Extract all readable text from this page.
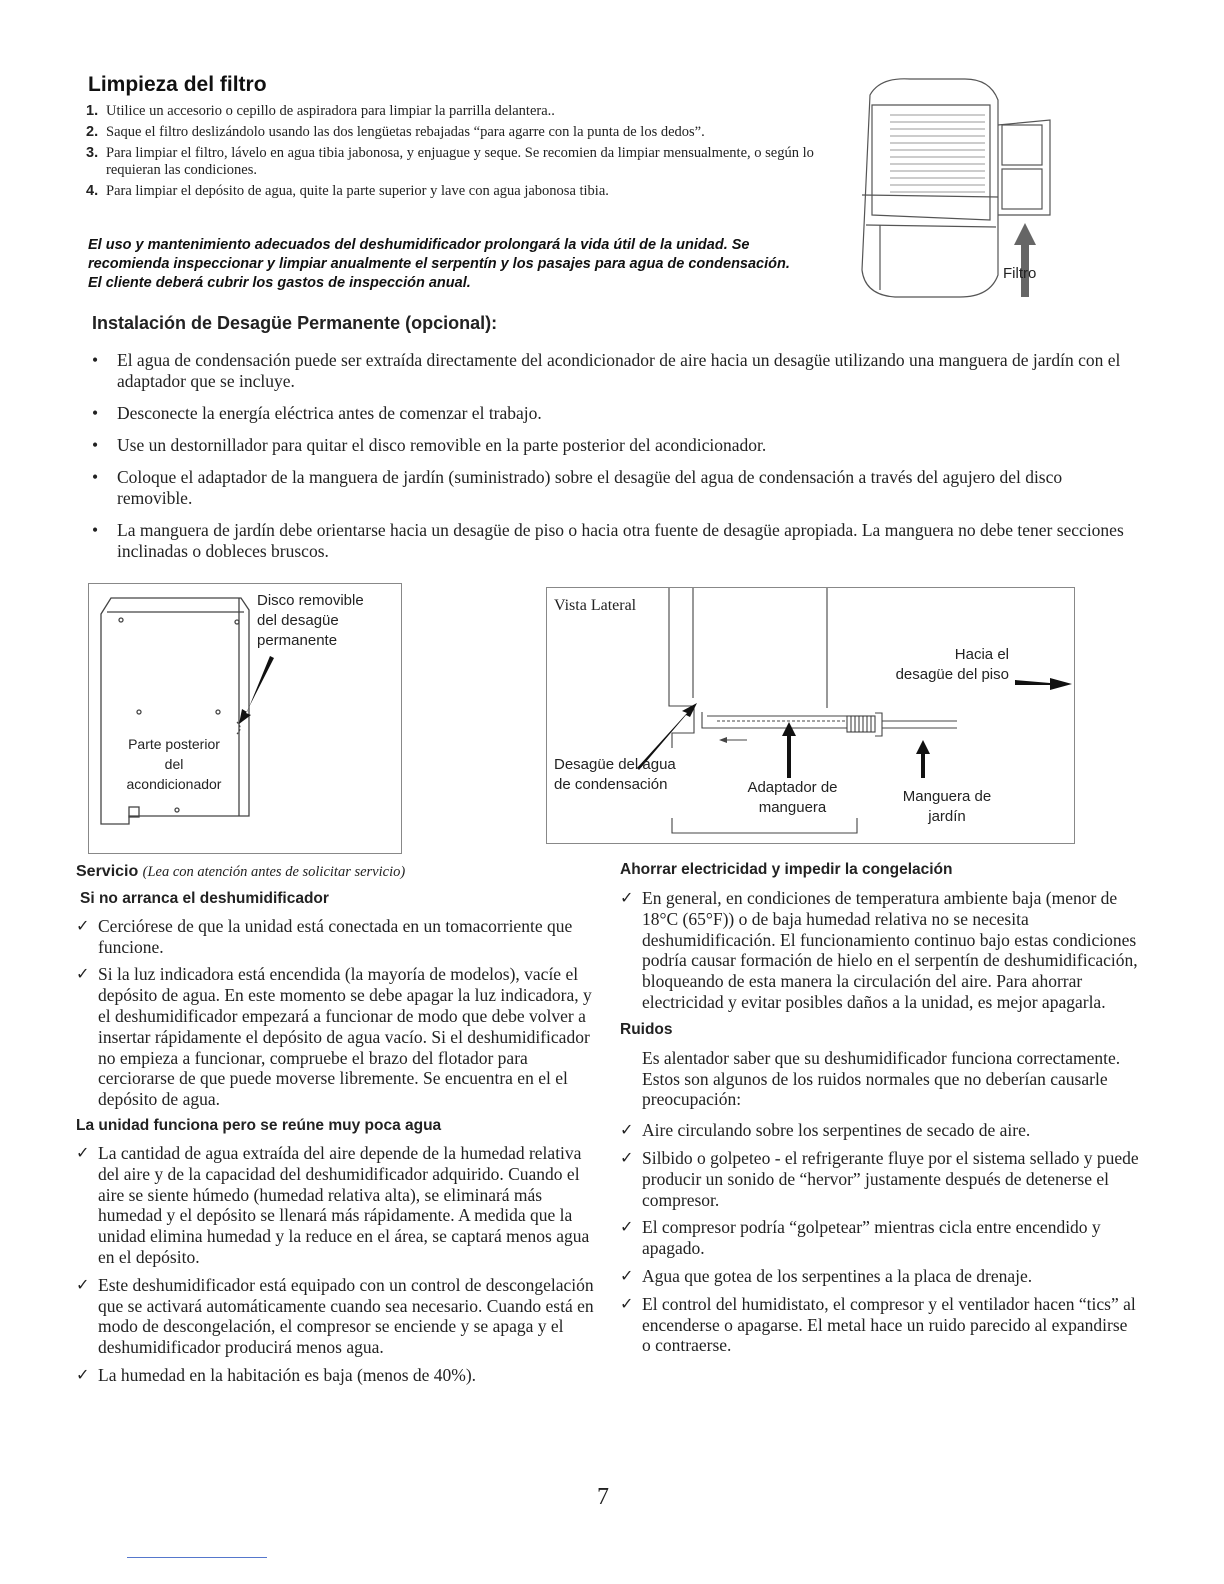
Limpieza del filtro
1. Utilice un accesorio o cepillo de aspiradora para limpiar la parrilla delantera..
2. Saque el filtro deslizándolo usando las dos lengüetas rebajadas “para agarre con la punta de los dedos”.
3. Para limpiar el filtro, lávelo en agua tibia jabonosa, y enjuague y seque. Se recomien da limpiar mensualmente, o según lo requieran las condiciones.
4. Para limpiar el depósito de agua, quite la parte superior y lave con agua jabonosa tibia.
El uso y mantenimiento adecuados del deshumidificador prolongará la vida útil de la unidad. Se
recomienda inspeccionar y limpiar anualmente el serpentín y los pasajes para agua de condensación.
El cliente deberá cubrir los gastos de inspección anual.
Filtro
Instalación de Desagüe Permanente (opcional):
• El agua de condensación puede ser extraída directamente del acondicionador de aire hacia un desagüe utilizando una manguera de jardín con el adaptador que se incluye.
• Desconecte la energía eléctrica antes de comenzar el trabajo.
• Use un destornillador para quitar el disco removible en la parte posterior del acondicionador.
• Coloque el adaptador de la manguera de jardín (suministrado) sobre el desagüe del agua de condensación a través del agujero del disco removible.
• La manguera de jardín debe orientarse hacia un desagüe de piso o hacia otra fuente de desagüe apropiada. La manguera no debe tener secciones inclinadas o dobleces bruscos.
Disco removible
del desagüe
permanente
Parte posterior
del
acondicionador
Vista Lateral
Hacia el
desagüe del piso
Desagüe del agua
de condensación	Adaptador de
manguera
Manguera de
jardín
Servicio (Lea con atención antes de solicitar servicio)
Si no arranca el deshumidificador
✓ Cerciórese de que la unidad está conectada en un tomacorriente que funcione.
✓ Si la luz indicadora está encendida (la mayoría de modelos), vacíe el depósito de agua. En este momento se debe apagar la luz indicadora, y el deshumidificador empezará a funcionar de modo que debe volver a insertar rápidamente el depósito de agua vacío. Si el deshumidificador no empieza a funcionar, compruebe el brazo del flotador para cerciorarse de que puede moverse libremente. Se encuentra en el el depósito de agua.
La unidad funciona pero se reúne muy poca agua
✓ La cantidad de agua extraída del aire depende de la humedad relativa del aire y de la capacidad del deshumidificador adquirido. Cuando el aire se siente húmedo (humedad relativa alta), se eliminará más humedad y el depósito se llenará más rápidamente. A medida que la unidad elimina humedad y la reduce en el área, se captará menos agua en el depósito.
✓ Este deshumidificador está equipado con un control de descongelación que se activará automáticamente cuando sea necesario. Cuando está en modo de descongelación, el compresor se enciende y se apaga y el deshumidificador producirá menos agua.
✓ La humedad en la habitación es baja (menos de 40%).
Ahorrar electricidad y impedir la congelación
✓ En general, en condiciones de temperatura ambiente baja (menor de 18°C (65°F)) o de baja humedad relativa no se necesita deshumidificación. El funcionamiento continuo bajo estas condiciones podría causar formación de hielo en el serpentín de deshumidificación, bloqueando de esta manera la circulación del aire. Para ahorrar electricidad y evitar posibles daños a la unidad, es mejor apagarla.
Ruidos
Es alentador saber que su deshumidificador funciona correctamente. Estos son algunos de los ruidos normales que no deberían causarle preocupación:
✓ Aire circulando sobre los serpentines de secado de aire.
✓ Silbido o golpeteo - el refrigerante fluye por el sistema sellado y puede producir un sonido de “hervor” justamente después de detenerse el compresor.
✓ El compresor podría “golpetear” mientras cicla entre encendido y apagado.
✓ Agua que gotea de los serpentines a la placa de drenaje.
✓ El control del humidistato, el compresor y el ventilador hacen “tics” al encenderse o apagarse. El metal hace un ruido parecido al expandirse o contraerse.
7
